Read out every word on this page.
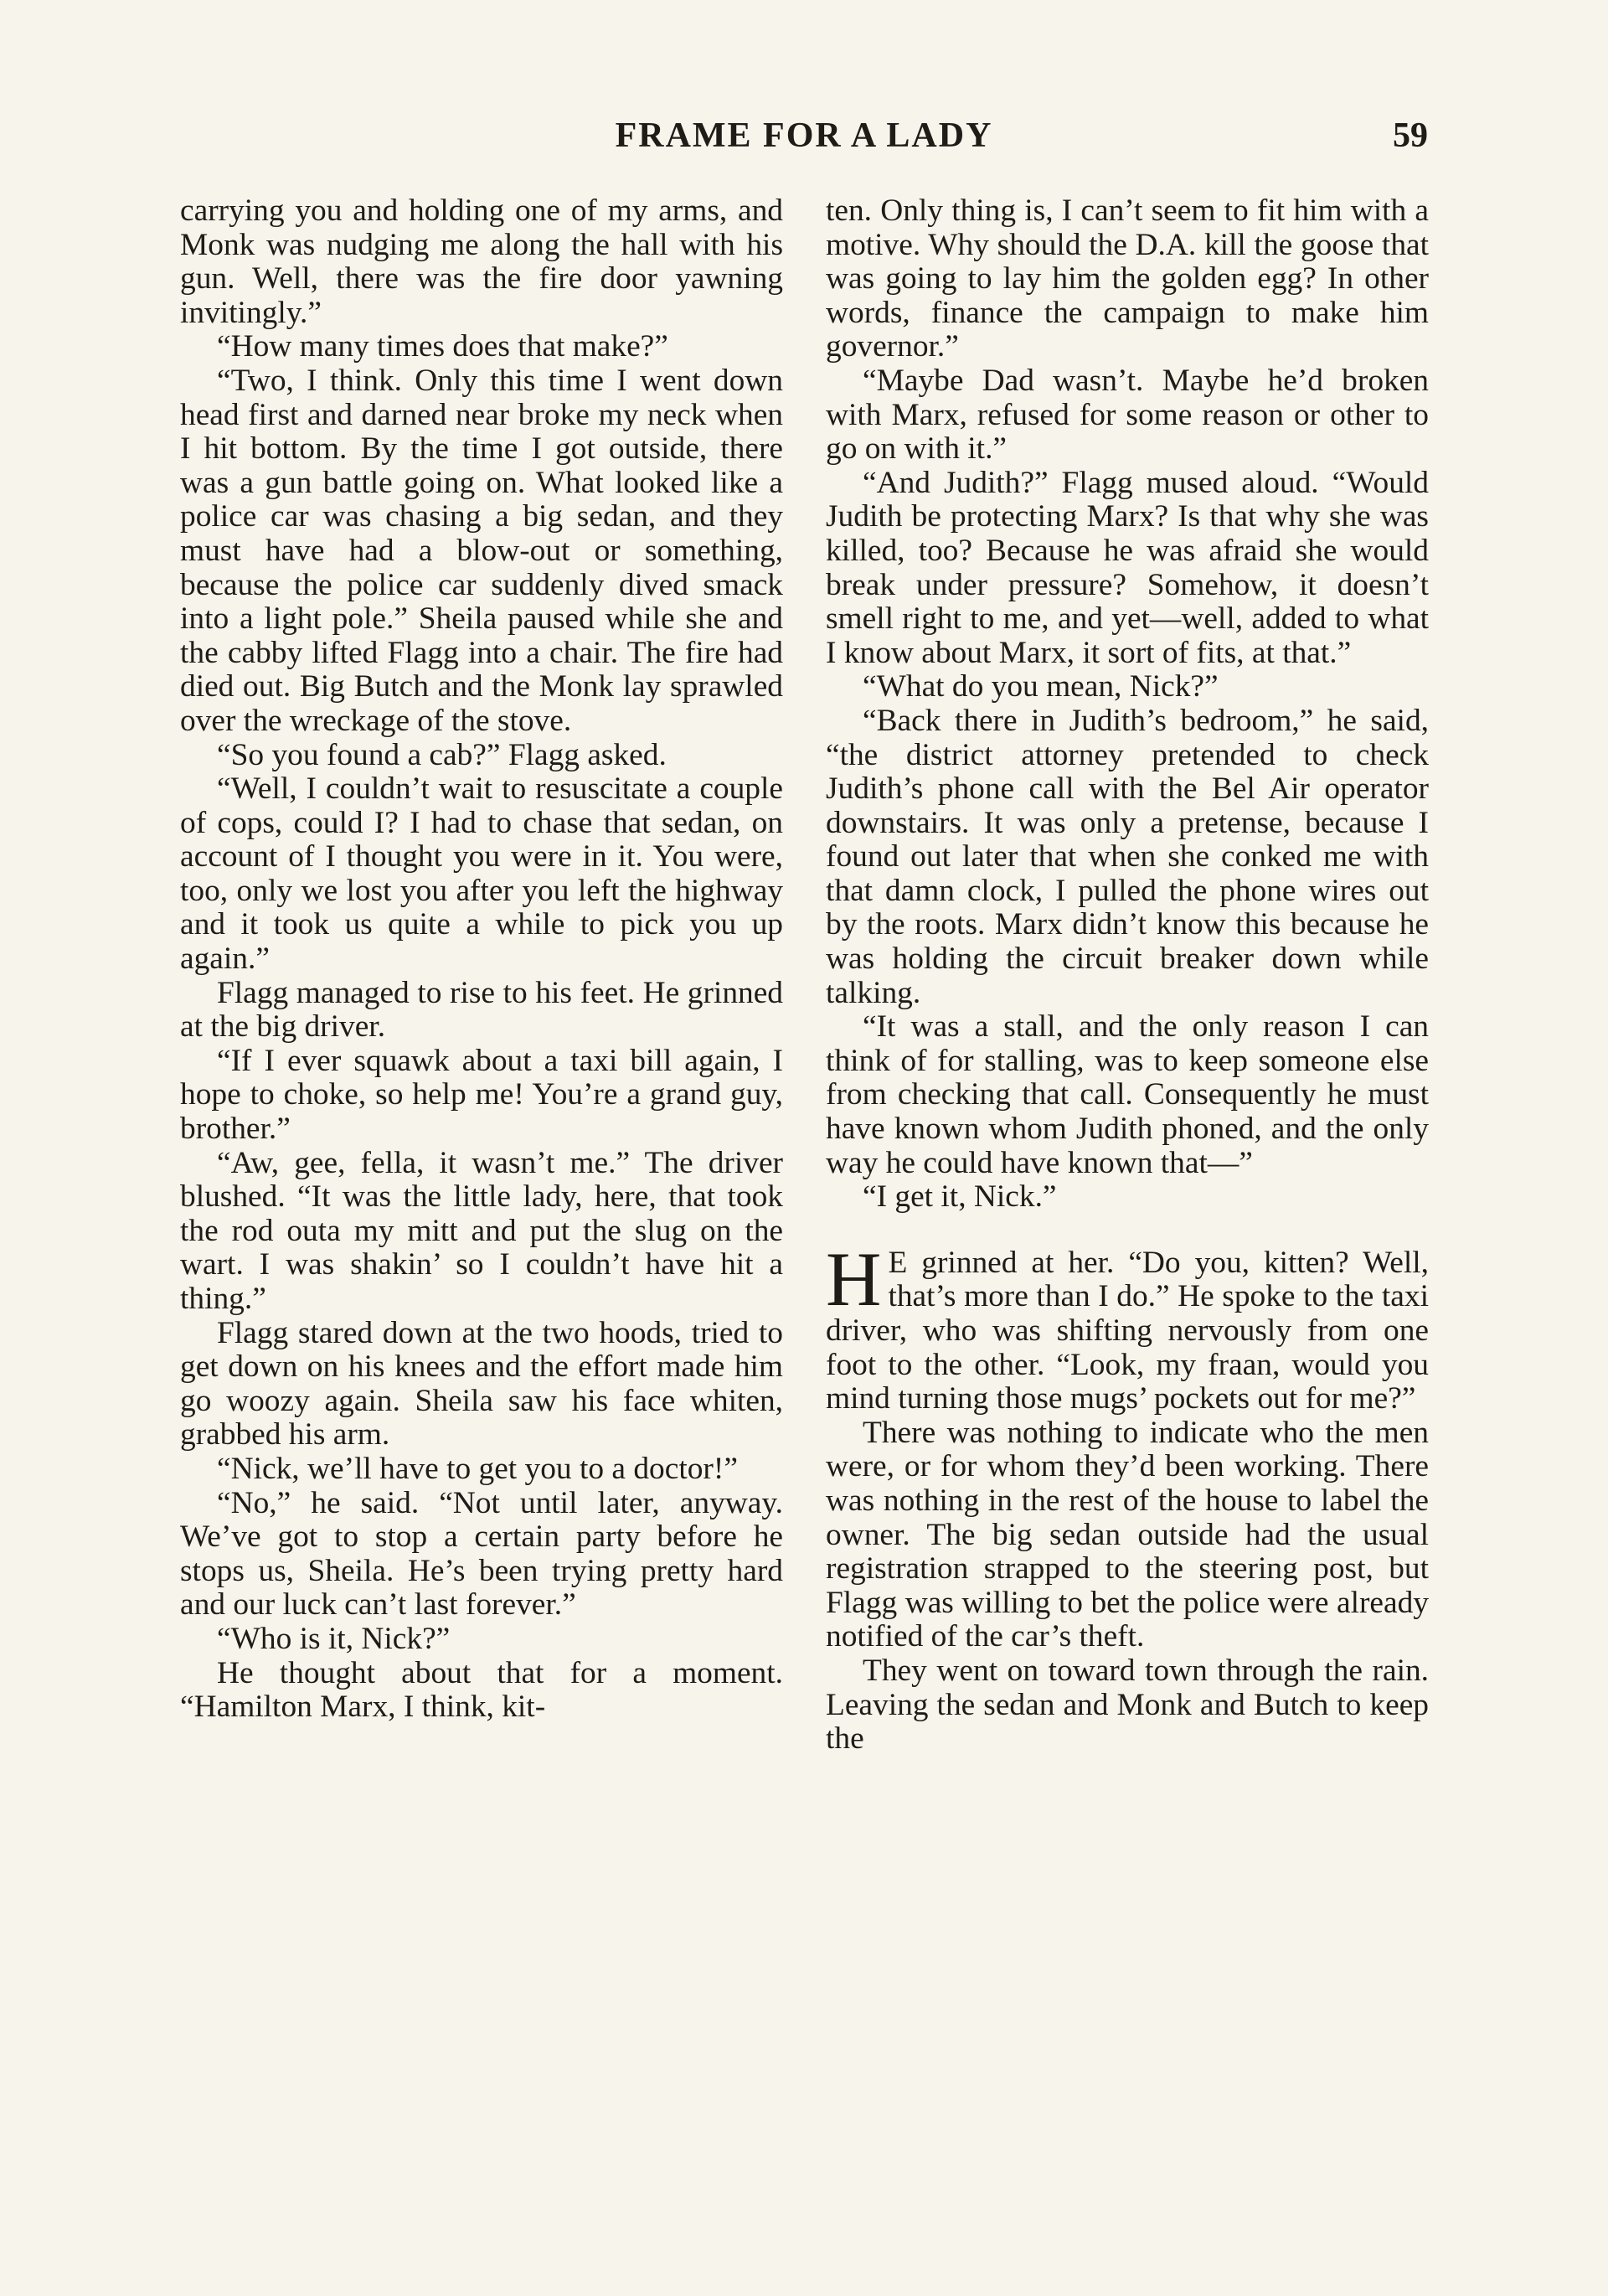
FRAME FOR A LADY	59

carrying you and holding one of my arms, and Monk was nudging me along the hall with his gun. Well, there was the fire door yawning invitingly.”

“How many times does that make?”

“Two, I think. Only this time I went down head first and darned near broke my neck when I hit bottom. By the time I got outside, there was a gun battle going on. What looked like a police car was chasing a big sedan, and they must have had a blow-out or something, because the police car suddenly dived smack into a light pole.” Sheila paused while she and the cabby lifted Flagg into a chair. The fire had died out. Big Butch and the Monk lay sprawled over the wreckage of the stove.

“So you found a cab?” Flagg asked.

“Well, I couldn’t wait to resuscitate a couple of cops, could I? I had to chase that sedan, on account of I thought you were in it. You were, too, only we lost you after you left the highway and it took us quite a while to pick you up again.”

Flagg managed to rise to his feet. He grinned at the big driver.

“If I ever squawk about a taxi bill again, I hope to choke, so help me! You’re a grand guy, brother.”

“Aw, gee, fella, it wasn’t me.” The driver blushed. “It was the little lady, here, that took the rod outa my mitt and put the slug on the wart. I was shakin’ so I couldn’t have hit a thing.”

Flagg stared down at the two hoods, tried to get down on his knees and the effort made him go woozy again. Sheila saw his face whiten, grabbed his arm.

“Nick, we’ll have to get you to a doctor!”

“No,” he said. “Not until later, anyway. We’ve got to stop a certain party before he stops us, Sheila. He’s been trying pretty hard and our luck can’t last forever.”

“Who is it, Nick?”

He thought about that for a moment. “Hamilton Marx, I think, kit-

ten. Only thing is, I can’t seem to fit him with a motive. Why should the D.A. kill the goose that was going to lay him the golden egg? In other words, finance the campaign to make him governor.”

“Maybe Dad wasn’t. Maybe he’d broken with Marx, refused for some reason or other to go on with it.”

“And Judith?” Flagg mused aloud. “Would Judith be protecting Marx? Is that why she was killed, too? Because he was afraid she would break under pressure? Somehow, it doesn’t smell right to me, and yet—well, added to what I know about Marx, it sort of fits, at that.”

“What do you mean, Nick?”

“Back there in Judith’s bedroom,” he said, “the district attorney pretended to check Judith’s phone call with the Bel Air operator downstairs. It was only a pretense, because I found out later that when she conked me with that damn clock, I pulled the phone wires out by the roots. Marx didn’t know this because he was holding the circuit breaker down while talking.

“It was a stall, and the only reason I can think of for stalling, was to keep someone else from checking that call. Consequently he must have known whom Judith phoned, and the only way he could have known that—”

“I get it, Nick.”

H E grinned at her. “Do you, kitten? Well, that’s more than I do.” He spoke to the taxi driver, who was shifting nervously from one foot to the other. “Look, my fraan, would you mind turning those mugs’ pockets out for me?”

There was nothing to indicate who the men were, or for whom they’d been working. There was nothing in the rest of the house to label the owner. The big sedan outside had the usual registration strapped to the steering post, but Flagg was willing to bet the police were already notified of the car’s theft.

They went on toward town through the rain. Leaving the sedan and Monk and Butch to keep the
